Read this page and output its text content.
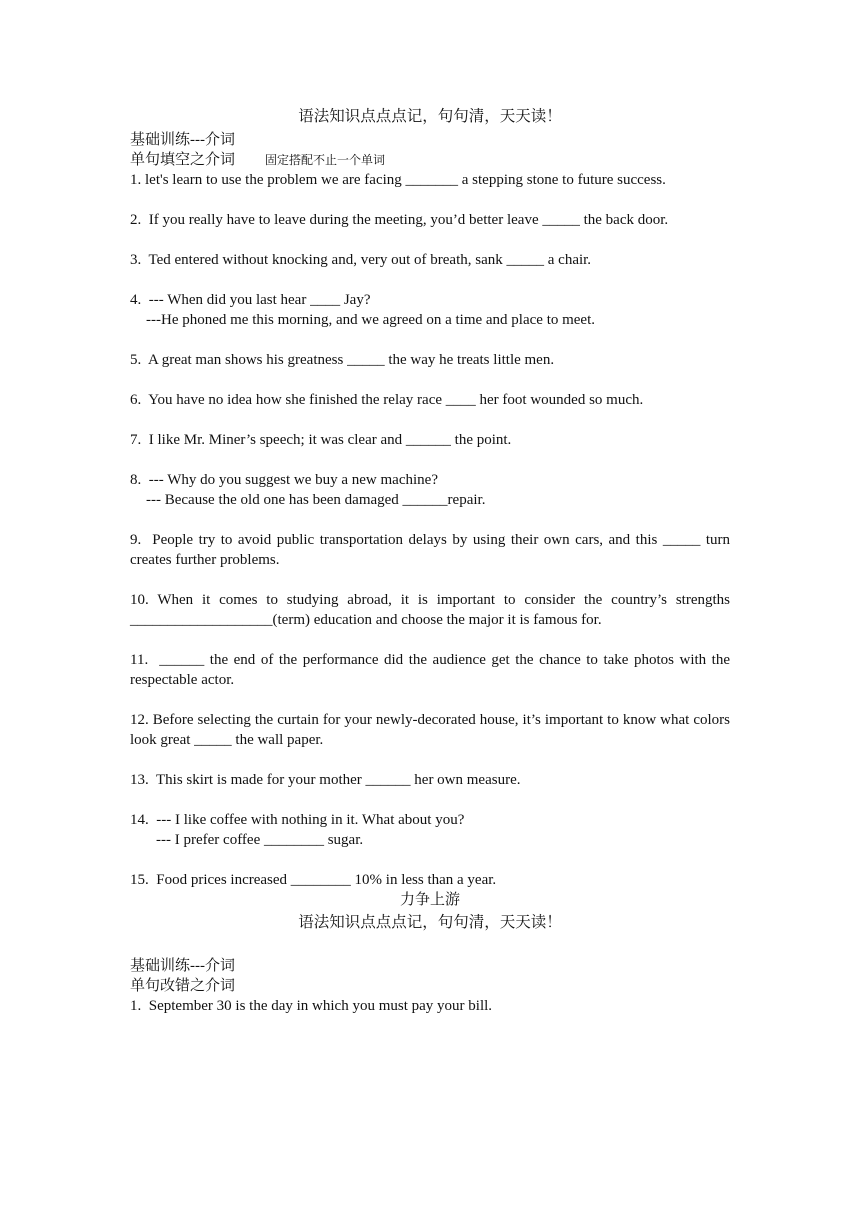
语法知识点点点记，句句清，天天读！

基础训练---介词

单句填空之介词	固定搭配不止一个单词

1. let's learn to use the problem we are facing _______ a stepping stone to future success.

2. If you really have to leave during the meeting, you’d better leave _____ the back door.

3. Ted entered without knocking and, very out of breath, sank _____ a chair.

4. --- When did you last hear ____ Jay?

---He phoned me this morning, and we agreed on a time and place to meet.

5. A great man shows his greatness _____ the way he treats little men.

6. You have no idea how she finished the relay race ____ her foot wounded so much.

7. I like Mr. Miner’s speech; it was clear and ______ the point.

8. --- Why do you suggest we buy a new machine?

--- Because the old one has been damaged ______repair.

9. People try to avoid public transportation delays by using their own cars, and this _____ turn creates further problems.

10. When it comes to studying abroad, it is important to consider the country’s strengths ___________________(term) education and choose the major it is famous for.

11. ______ the end of the performance did the audience get the chance to take photos with the respectable actor.

12. Before selecting the curtain for your newly-decorated house, it’s important to know what colors look great _____ the wall paper.

13. This skirt is made for your mother ______ her own measure.

14. --- I like coffee with nothing in it. What about you?

--- I prefer coffee ________ sugar.

15. Food prices increased ________ 10% in less than a year.

力争上游

语法知识点点点记，句句清，天天读！

基础训练---介词

单句改错之介词

1. September 30 is the day in which you must pay your bill.
